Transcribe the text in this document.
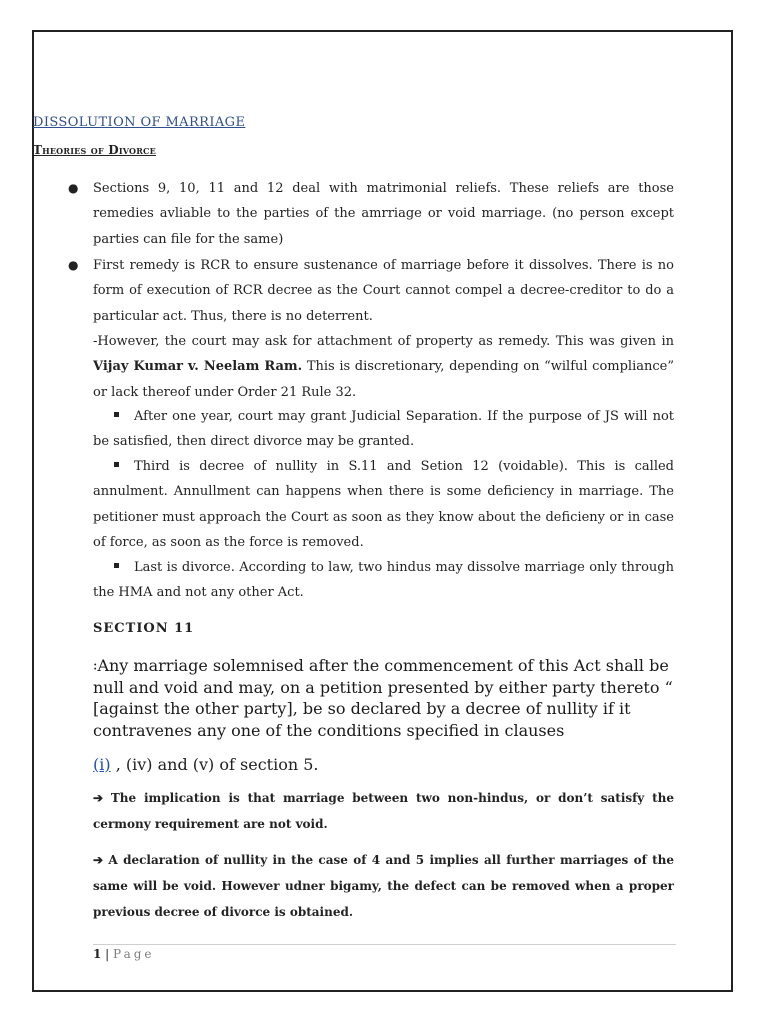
DISSOLUTION OF MARRIAGE
Theories of Divorce
● Sections 9, 10, 11 and 12 deal with matrimonial reliefs. These reliefs are those remedies avliable to the parties of the amrriage or void marriage. (no person except parties can file for the same)

● First remedy is RCR to ensure sustenance of marriage before it dissolves. There is no form of execution of RCR decree as the Court cannot compel a decree-creditor to do a particular act. Thus, there is no deterrent.

-However, the court may ask for attachment of property as remedy. This was given in Vijay Kumar v. Neelam Ram. This is discretionary, depending on “wilful compliance” or lack thereof under Order 21 Rule 32.

After one year, court may grant Judicial Separation. If the purpose of JS will not be satisfied, then direct divorce may be granted.

Third is decree of nullity in S.11 and Setion 12 (voidable). This is called annulment. Annullment can happens when there is some deficiency in marriage. The petitioner must approach the Court as soon as they know about the deficieny or in case of force, as soon as the force is removed.

Last is divorce. According to law, two hindus may dissolve marriage only through the HMA and not any other Act.

SECTION 11

꞉Any marriage solemnised after the commencement of this Act shall be null and void and may, on a petition presented by either party thereto “ [against the other party], be so declared by a decree of nullity if it contravenes any one of the conditions specified in clauses

(i) , (iv) and (v) of section 5.

➔ The implication is that marriage between two non-hindus, or don’t satisfy the cermony requirement are not void.

➔ A declaration of nullity in the case of 4 and 5 implies all further marriages of the same will be void. However udner bigamy, the defect can be removed when a proper previous decree of divorce is obtained.

1 | Page
